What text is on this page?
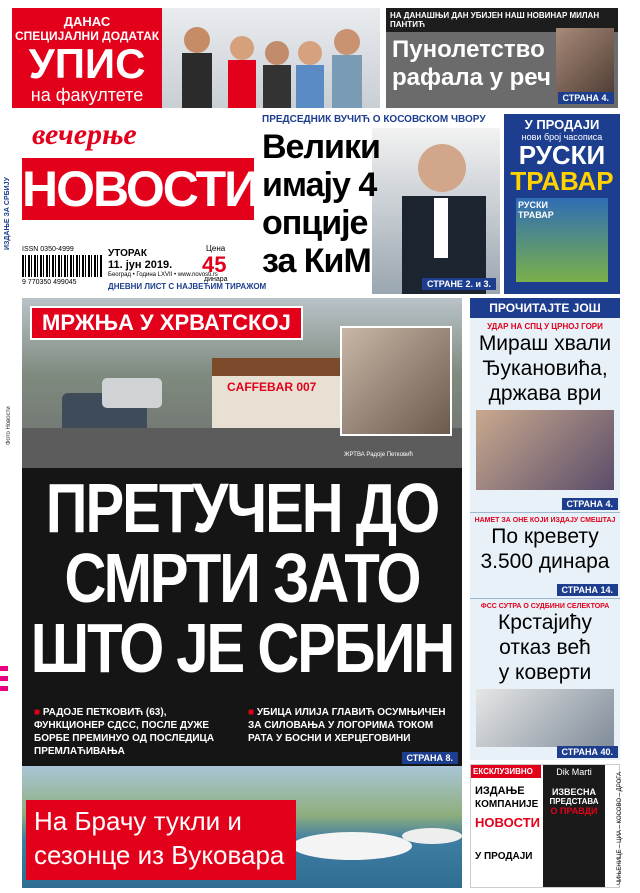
ДАНАС
СПЕЦИЈАЛНИ ДОДАТАК
УПИС
на факултете
НА ДАНАШЊИ ДАН УБИЈЕН НАШ НОВИНАР МИЛАН ПАНТИЋ
Пунолетство
рафала у реч
СТРАНА 4.
вечерње
НОВОСТИ
ИЗДАЊЕ ЗА СРБИЈУ ISSN 0350-4999
9 770350 499045
УТОРАК
11. јун 2019.
Београд • Година LXVII • www.novosti.rs
Цена
45
динара
ДНЕВНИ ЛИСТ С НАЈВЕЋИМ ТИРАЖОМ
ПРЕДСЕДНИК ВУЧИЋ О КОСОВСКОМ ЧВОРУ
Велики
имају 4
опције
за КиМ
СТРАНЕ 2. и 3.
У ПРОДАЈИ
нови број часописа
РУСКИ
ТРАВАР
РУСКИ
ТРАВАР
CAFFEBAR 007
МРЖЊА У ХРВАТСКОЈ
ЖРТВА Радоје Петковић
Фото Новости
ПРЕТУЧЕН ДО
СМРТИ ЗАТО
ШТО ЈЕ СРБИН
■ РАДОЈЕ ПЕТКОВИЋ (63), ФУНКЦИОНЕР СДСС, ПОСЛЕ ДУЖЕ БОРБЕ ПРЕМИНУО ОД ПОСЛЕДИЦА ПРЕМЛАЋИВАЊА
■ УБИЦА ИЛИЈА ГЛАВИЋ ОСУМЊИЧЕН ЗА СИЛОВАЊА У ЛОГОРИМА ТОКОМ РАТА У БОСНИ И ХЕРЦЕГОВИНИ
СТРАНА 8.
На Брачу тукли и
сезонце из Вуковара
ПРОЧИТАЈТЕ ЈОШ
УДАР НА СПЦ У ЦРНОЈ ГОРИ
Мираш хвали
Ђукановића,
држава ври
СТРАНА 4.
НАМЕТ ЗА ОНЕ КОЈИ ИЗДАЈУ СМЕШТАЈ
По кревету
3.500 динара
СТРАНА 14.
ФСС СУТРА О СУДБИНИ СЕЛЕКТОРА
Крстајићу
отказ већ
у коверти
СТРАНА 40.
ЕКСКЛУЗИВНО
ИЗДАЊЕ
КОМПАНИЈЕ
НОВОСТИ
У ПРОДАЈИ
Dik Marti
ИЗВЕСНА
ПРЕДСТАВА
О ПРАВДИ	ЧИЊЕНИЦЕ – ЦИА – КОСОВО – ДРОГА
